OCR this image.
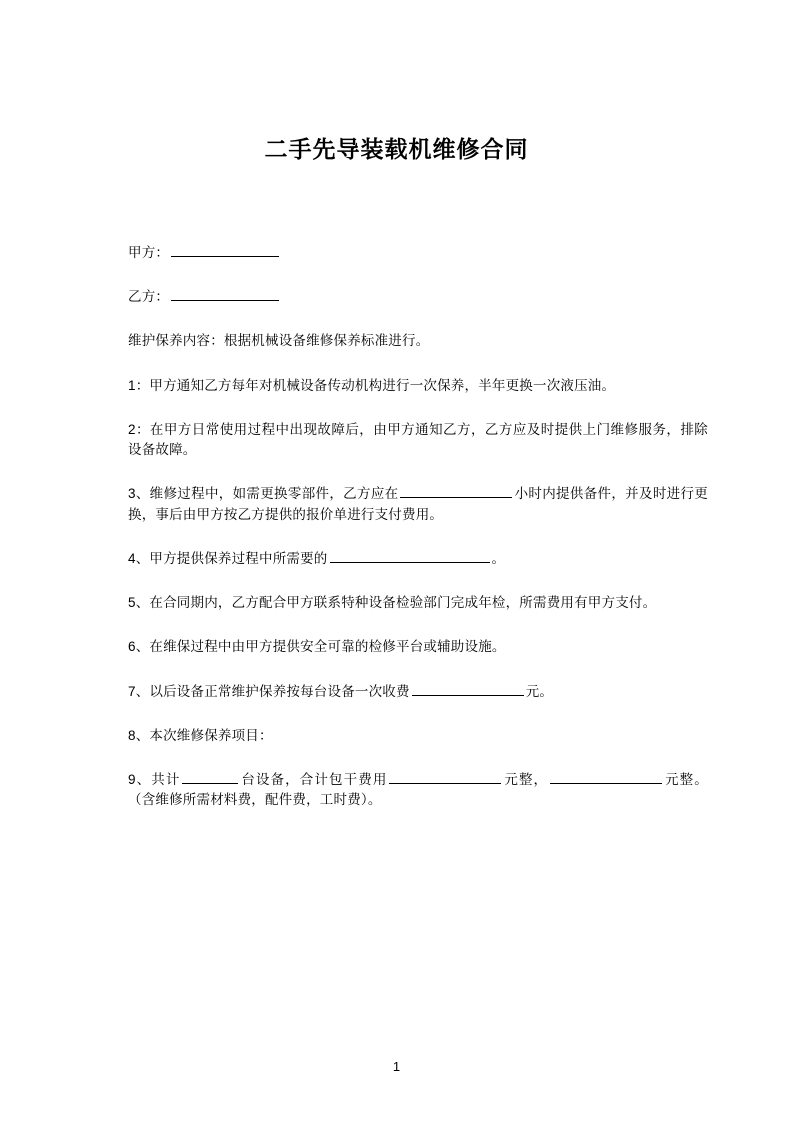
二手先导装载机维修合同

甲方：

乙方：

维护保养内容：根据机械设备维修保养标准进行。

1：甲方通知乙方每年对机械设备传动机构进行一次保养，半年更换一次液压油。

2：在甲方日常使用过程中出现故障后，由甲方通知乙方，乙方应及时提供上门维修服务，排除设备故障。

3、维修过程中，如需更换零部件，乙方应在	小时内提供备件，并及时进行更换，事后由甲方按乙方提供的报价单进行支付费用。

4、甲方提供保养过程中所需要的	。

5、在合同期内，乙方配合甲方联系特种设备检验部门完成年检，所需费用有甲方支付。

6、在维保过程中由甲方提供安全可靠的检修平台或辅助设施。

7、以后设备正常维护保养按每台设备一次收费	元。

8、本次维修保养项目：

9、共计	台设备，合计包干费用	元整，	元整。（含维修所需材料费，配件费，工时费）。

1
